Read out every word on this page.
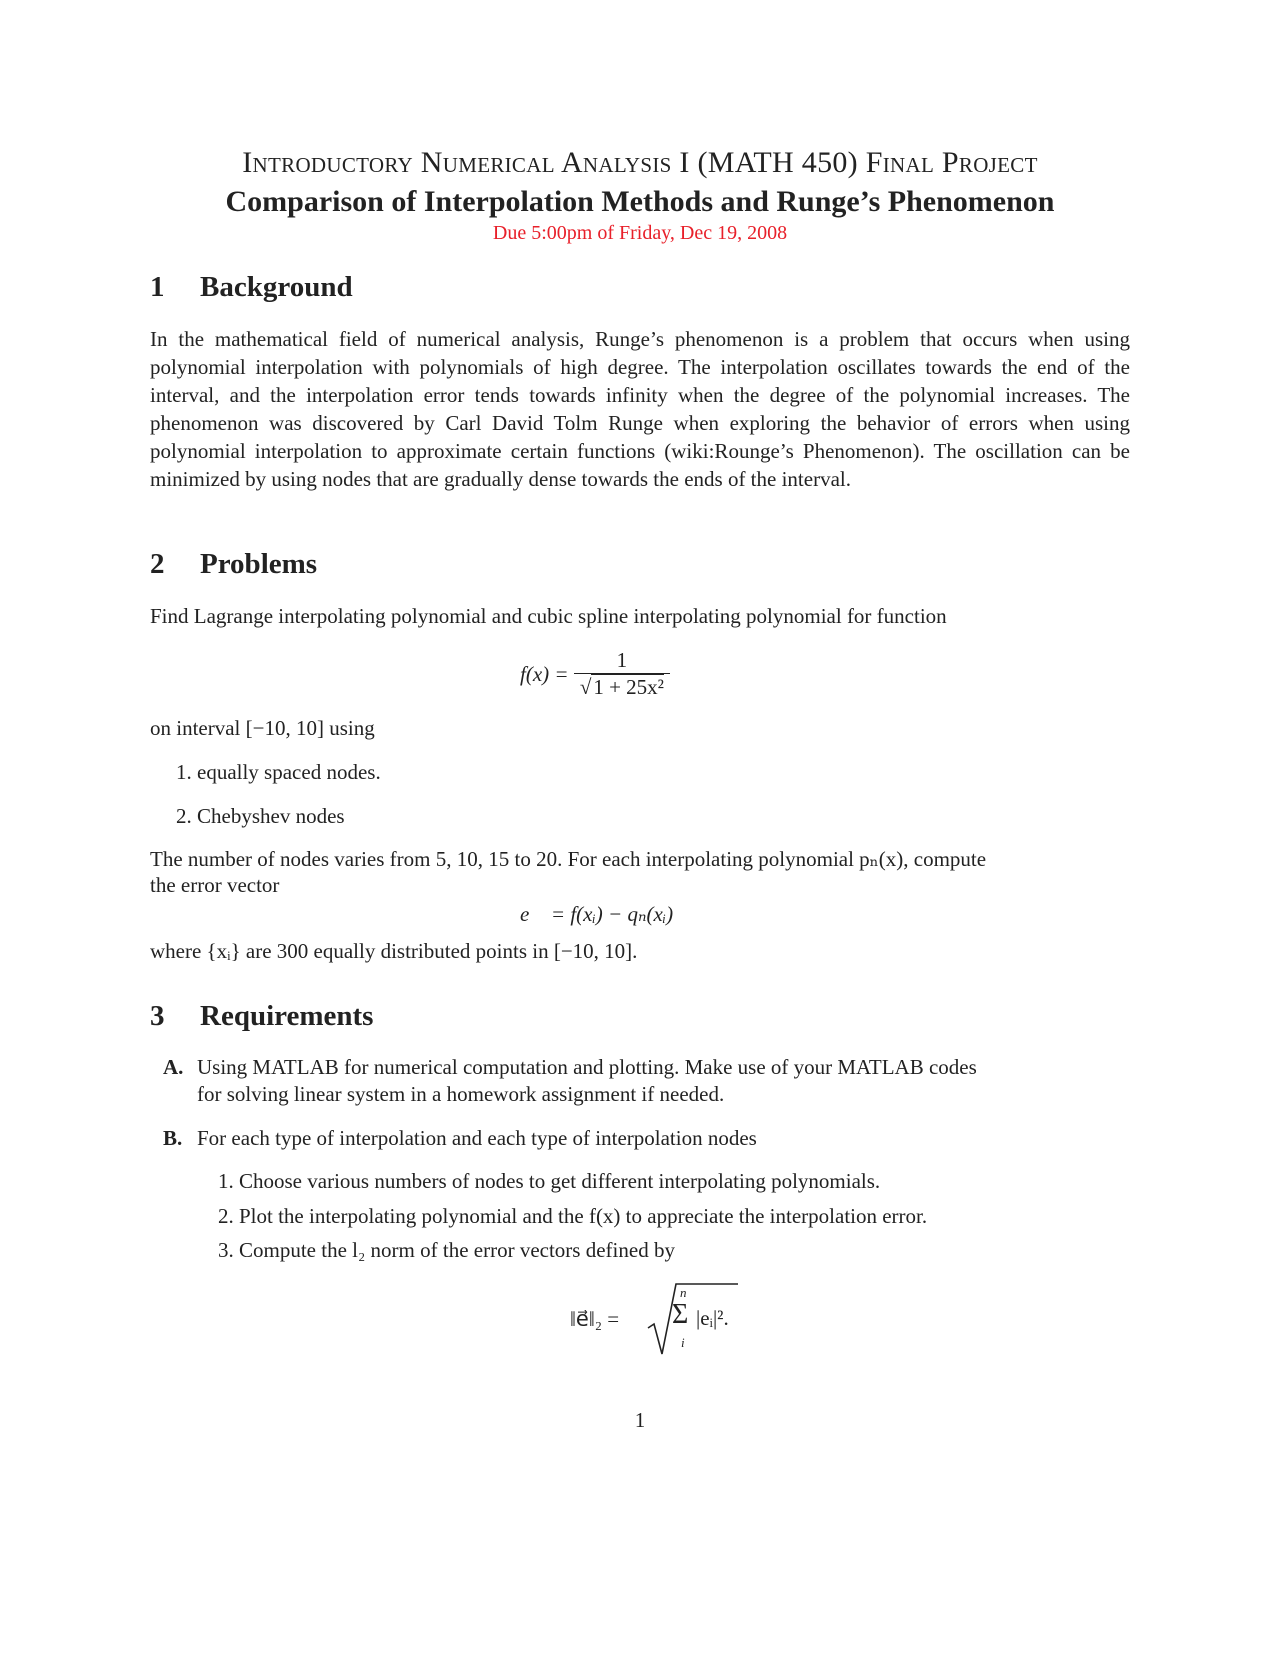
Introductory Numerical Analysis I (MATH 450) Final Project
Comparison of Interpolation Methods and Runge’s Phenomenon
Due 5:00pm of Friday, Dec 19, 2008
1 Background

In the mathematical field of numerical analysis, Runge’s phenomenon is a problem that occurs when using polynomial interpolation with polynomials of high degree. The interpolation oscillates towards the end of the interval, and the interpolation error tends towards infinity when the degree of the polynomial increases. The phenomenon was discovered by Carl David Tolm Runge when exploring the behavior of errors when using polynomial interpolation to approximate certain functions (wiki:Rounge’s Phenomenon). The oscillation can be minimized by using nodes that are gradually dense towards the ends of the interval.

2 Problems
Find Lagrange interpolating polynomial and cubic spline interpolating polynomial for function
$f(x) = \frac{1}{\text{√1 + 25x²}}$
on interval [−10, 10] using
1. equally spaced nodes.
2. Chebyshev nodes
The number of nodes varies from 5, 10, 15 to 20. For each interpolating polynomial pₙ(x), compute
the error vector
e⃗ = f(xᵢ) − qₙ(xᵢ)
where {xᵢ} are 300 equally distributed points in [−10, 10].
3 Requirements
A. Using MATLAB for numerical computation and plotting. Make use of your MATLAB codes
for solving linear system in a homework assignment if needed.
B. For each type of interpolation and each type of interpolation nodes
1. Choose various numbers of nodes to get different interpolating polynomials.
2. Plot the interpolating polynomial and the f(x) to appreciate the interpolation error.
3. Compute the l₂ norm of the error vectors defined by
‖e⃗‖₂ =
n
Σ
i
|eᵢ|².
1
